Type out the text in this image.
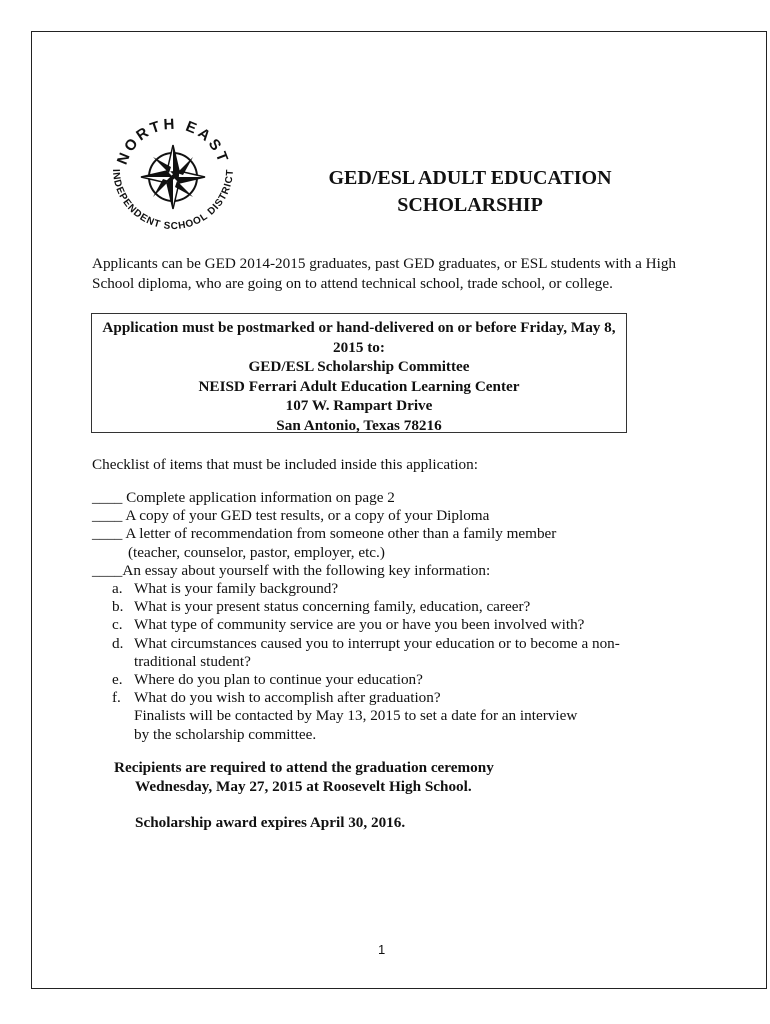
NORTH EAST
INDEPENDENT SCHOOL DISTRICT	GED/ESL ADULT EDUCATION
SCHOLARSHIP
Applicants can be GED 2014-2015 graduates, past GED graduates, or ESL students with a High
School diploma, who are going on to attend technical school, trade school, or college.
Application must be postmarked or hand-delivered on or before Friday, May 8,
2015 to:
GED/ESL Scholarship Committee
NEISD Ferrari Adult Education Learning Center
107 W. Rampart Drive
San Antonio, Texas 78216
Checklist of items that must be included inside this application:
____ Complete application information on page 2
____ A copy of your GED test results, or a copy of your Diploma
____ A letter of recommendation from someone other than a family member
(teacher, counselor, pastor, employer, etc.)
____An essay about yourself with the following key information:
a. What is your family background?
b. What is your present status concerning family, education, career?
c. What type of community service are you or have you been involved with?
d. What circumstances caused you to interrupt your education or to become a non-
traditional student?
e. Where do you plan to continue your education?
f. What do you wish to accomplish after graduation?
Finalists will be contacted by May 13, 2015 to set a date for an interview
by the scholarship committee.
Recipients are required to attend the graduation ceremony
Wednesday, May 27, 2015 at Roosevelt High School.
Scholarship award expires April 30, 2016.
1
